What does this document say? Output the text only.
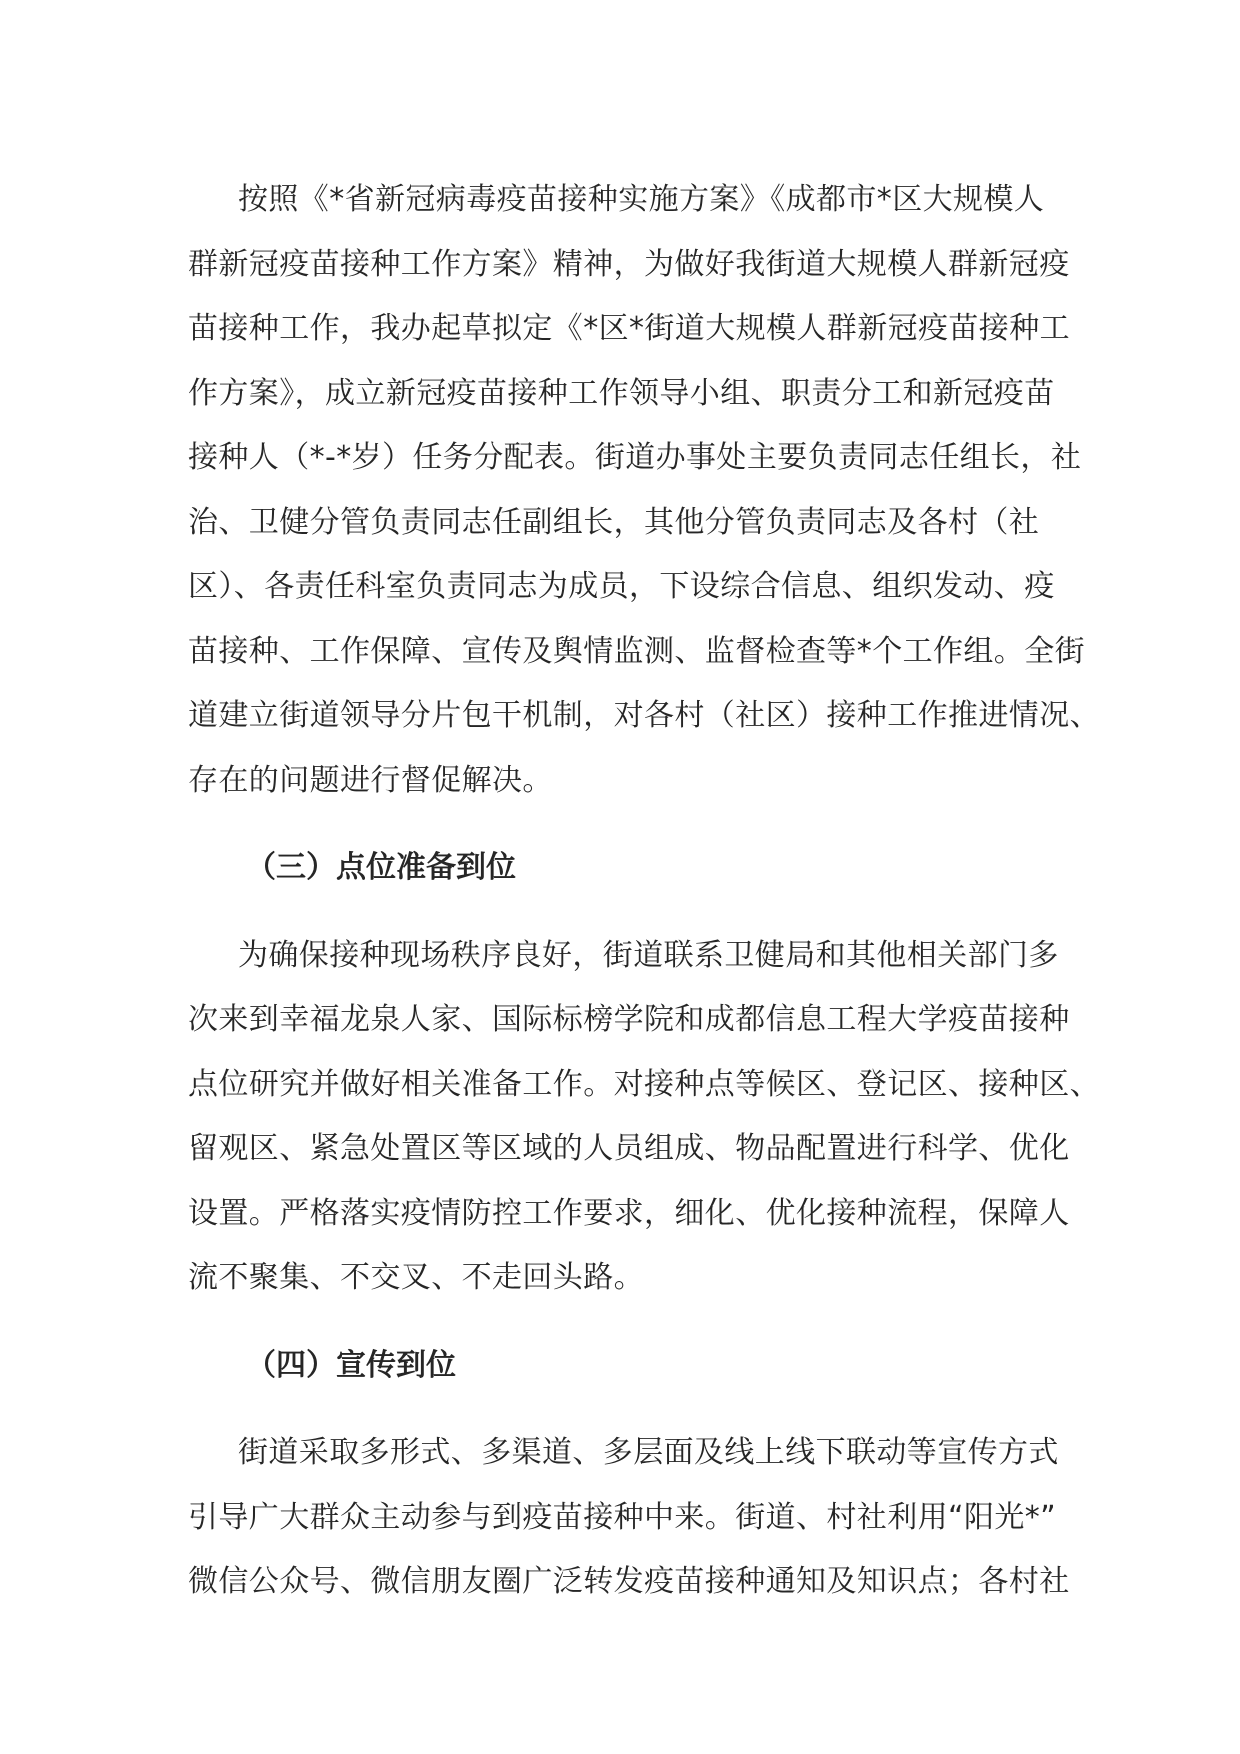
按照《*省新冠病毒疫苗接种实施方案》《成都市*区大规模人
群新冠疫苗接种工作方案》精神，为做好我街道大规模人群新冠疫
苗接种工作，我办起草拟定《*区*街道大规模人群新冠疫苗接种工
作方案》，成立新冠疫苗接种工作领导小组、职责分工和新冠疫苗
接种人（*-*岁）任务分配表。街道办事处主要负责同志任组长，社
治、卫健分管负责同志任副组长，其他分管负责同志及各村（社
区）、各责任科室负责同志为成员，下设综合信息、组织发动、疫
苗接种、工作保障、宣传及舆情监测、监督检查等*个工作组。全街
道建立街道领导分片包干机制，对各村（社区）接种工作推进情况、
存在的问题进行督促解决。
（三）点位准备到位
为确保接种现场秩序良好，街道联系卫健局和其他相关部门多
次来到幸福龙泉人家、国际标榜学院和成都信息工程大学疫苗接种
点位研究并做好相关准备工作。对接种点等候区、登记区、接种区、
留观区、紧急处置区等区域的人员组成、物品配置进行科学、优化
设置。严格落实疫情防控工作要求，细化、优化接种流程，保障人
流不聚集、不交叉、不走回头路。
（四）宣传到位
街道采取多形式、多渠道、多层面及线上线下联动等宣传方式
引导广大群众主动参与到疫苗接种中来。街道、村社利用“阳光*”
微信公众号、微信朋友圈广泛转发疫苗接种通知及知识点；各村社
